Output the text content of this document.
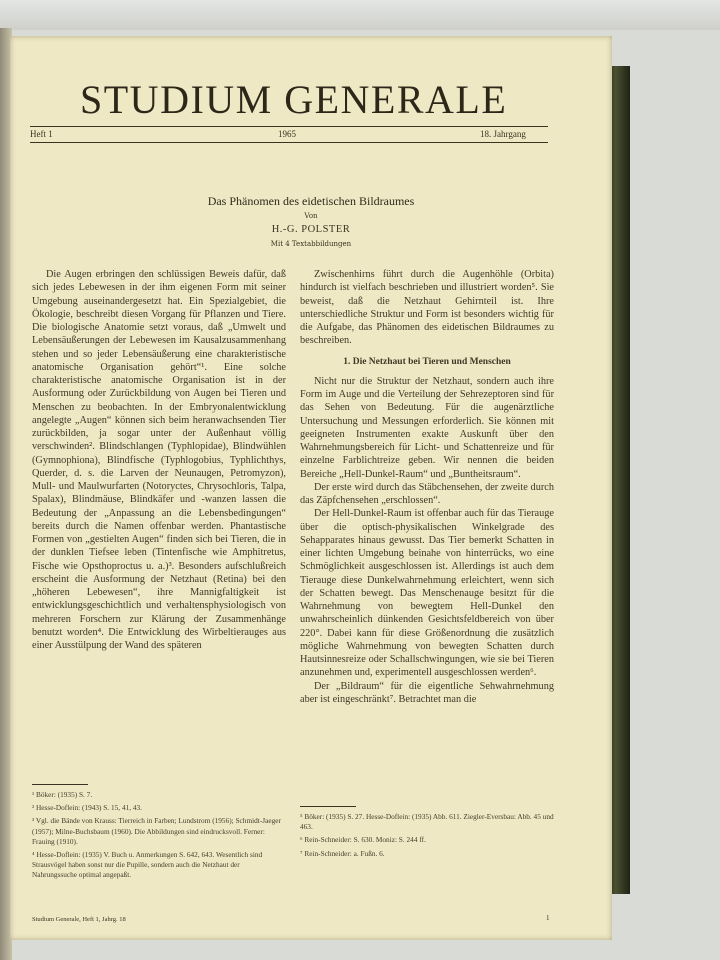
STUDIUM GENERALE
Heft 1	1965	18. Jahrgang
Das Phänomen des eidetischen Bildraumes
Von
H.-G. POLSTER
Mit 4 Textabbildungen

Die Augen erbringen den schlüssigen Beweis dafür, daß sich jedes Lebewesen in der ihm eigenen Form mit seiner Umgebung auseinandergesetzt hat. Ein Spezialgebiet, die Ökologie, beschreibt diesen Vorgang für Pflanzen und Tiere. Die biologische Anatomie setzt voraus, daß „Umwelt und Lebensäußerungen der Lebewesen im Kausalzusammenhang stehen und so jeder Lebensäußerung eine charakteristische anatomische Organisation gehört“¹. Eine solche charakteristische anatomische Organisation ist in der Ausformung oder Zurückbildung von Augen bei Tieren und Menschen zu beobachten. In der Embryonalentwicklung angelegte „Augen“ können sich beim heranwachsenden Tier zurückbilden, ja sogar unter der Außenhaut völlig verschwinden². Blindschlangen (Typhlopidae), Blindwühlen (Gymnophiona), Blindfische (Typhlogobius, Typhlichthys, Querder, d. s. die Larven der Neunaugen, Petromyzon), Mull- und Maulwurfarten (Notoryctes, Chrysochloris, Talpa, Spalax), Blindmäuse, Blindkäfer und -wanzen lassen die Bedeutung der „Anpassung an die Lebensbedingungen“ bereits durch die Namen offenbar werden. Phantastische Formen von „gestielten Augen“ finden sich bei Tieren, die in der dunklen Tiefsee leben (Tintenfische wie Amphitretus, Fische wie Opsthoproctus u. a.)³. Besonders aufschlußreich erscheint die Ausformung der Netzhaut (Retina) bei den „höheren Lebewesen“, ihre Mannigfaltigkeit ist entwicklungsgeschichtlich und verhaltensphysiologisch von mehreren Forschern zur Klärung der Zusammenhänge benutzt worden⁴. Die Entwicklung des Wirbeltierauges aus einer Ausstülpung der Wand des späteren

Zwischenhirns führt durch die Augenhöhle (Orbita) hindurch ist vielfach beschrieben und illustriert worden⁵. Sie beweist, daß die Netzhaut Gehirnteil ist. Ihre unterschiedliche Struktur und Form ist besonders wichtig für die Aufgabe, das Phänomen des eidetischen Bildraumes zu beschreiben.

1. Die Netzhaut bei Tieren und Menschen

Nicht nur die Struktur der Netzhaut, sondern auch ihre Form im Auge und die Verteilung der Sehrezeptoren sind für das Sehen von Bedeutung. Für die augenärztliche Untersuchung und Messungen erforderlich. Sie können mit geeigneten Instrumenten exakte Auskunft über den Wahrnehmungsbereich für Licht- und Schattenreize und für einzelne Farblichtreize geben. Wir nennen die beiden Bereiche „Hell-Dunkel-Raum“ und „Buntheitsraum“.

Der erste wird durch das Stäbchensehen, der zweite durch das Zäpfchensehen „erschlossen“.

Der Hell-Dunkel-Raum ist offenbar auch für das Tierauge über die optisch-physikalischen Winkelgrade des Sehapparates hinaus gewusst. Das Tier bemerkt Schatten in einer lichten Umgebung beinahe von hinterrücks, wo eine Schmöglichkeit ausgeschlossen ist. Allerdings ist auch dem Tierauge diese Dunkelwahrnehmung erleichtert, wenn sich der Schatten bewegt. Das Menschenauge besitzt für die Wahrnehmung von bewegtem Hell-Dunkel den unwahrscheinlich dünkenden Gesichtsfeldbereich von über 220°. Dabei kann für diese Größenordnung die zusätzlich mögliche Wahrnehmung von bewegten Schatten durch Hautsinnesreize oder Schallschwingungen, wie sie bei Tieren anzunehmen und, experimentell ausgeschlossen werden⁶.

Der „Bildraum“ für die eigentliche Sehwahrnehmung aber ist eingeschränkt⁷. Betrachtet man die

¹ Böker: (1935) S. 7.
² Hesse-Doflein: (1943) S. 15, 41, 43.
³ Vgl. die Bände von Krauss: Tierreich in Farben; Lundstrom (1956); Schmidt-Jaeger (1957); Milne-Buchsbaum (1960). Die Abbildungen sind eindrucksvoll. Ferner: Frauing (1910).
⁴ Hesse-Doflein: (1935) V. Buch u. Anmerkungen S. 642, 643. Wesentlich sind Strausvögel haben sonst nur die Pupille, sondern auch die Netzhaut der Nahrungssuche optimal angepaßt.
⁵ Böker: (1935) S. 27. Hesse-Doflein: (1935) Abb. 611. Ziegler-Eversbau: Abb. 45 und 463.
⁶ Rein-Schneider: S. 630. Moniz: S. 244 ff.
⁷ Rein-Schneider: a. Fußn. 6.
Studium Generale, Heft 1, Jahrg. 18	1
